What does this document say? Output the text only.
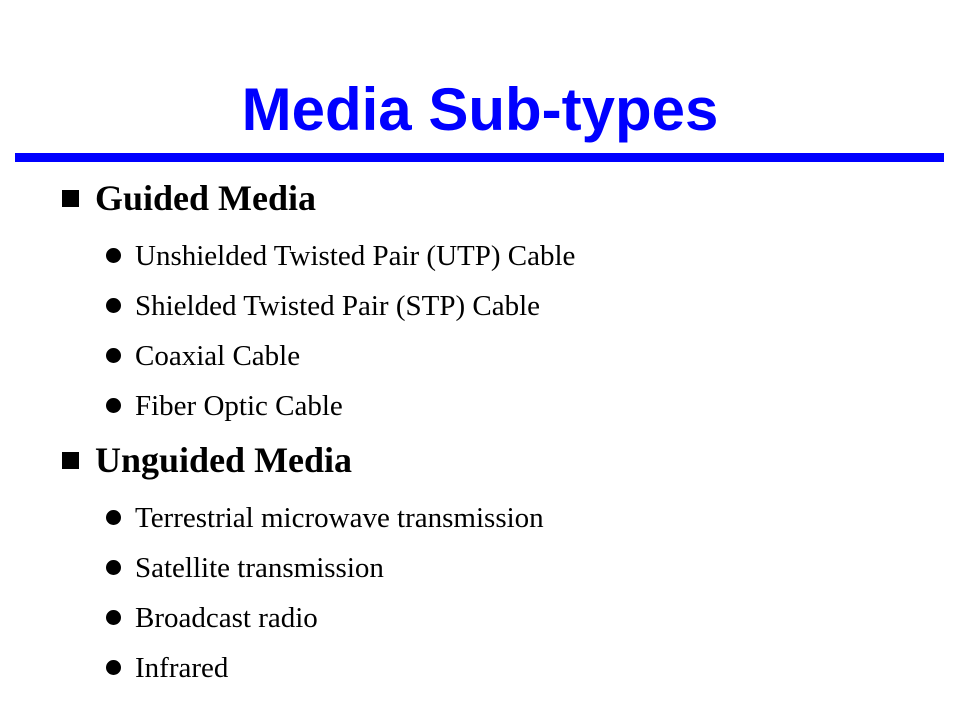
Media Sub-types
Guided Media
Unshielded Twisted Pair (UTP) Cable
Shielded Twisted Pair (STP) Cable
Coaxial Cable
Fiber Optic Cable
Unguided Media
Terrestrial microwave transmission
Satellite transmission
Broadcast radio
Infrared
